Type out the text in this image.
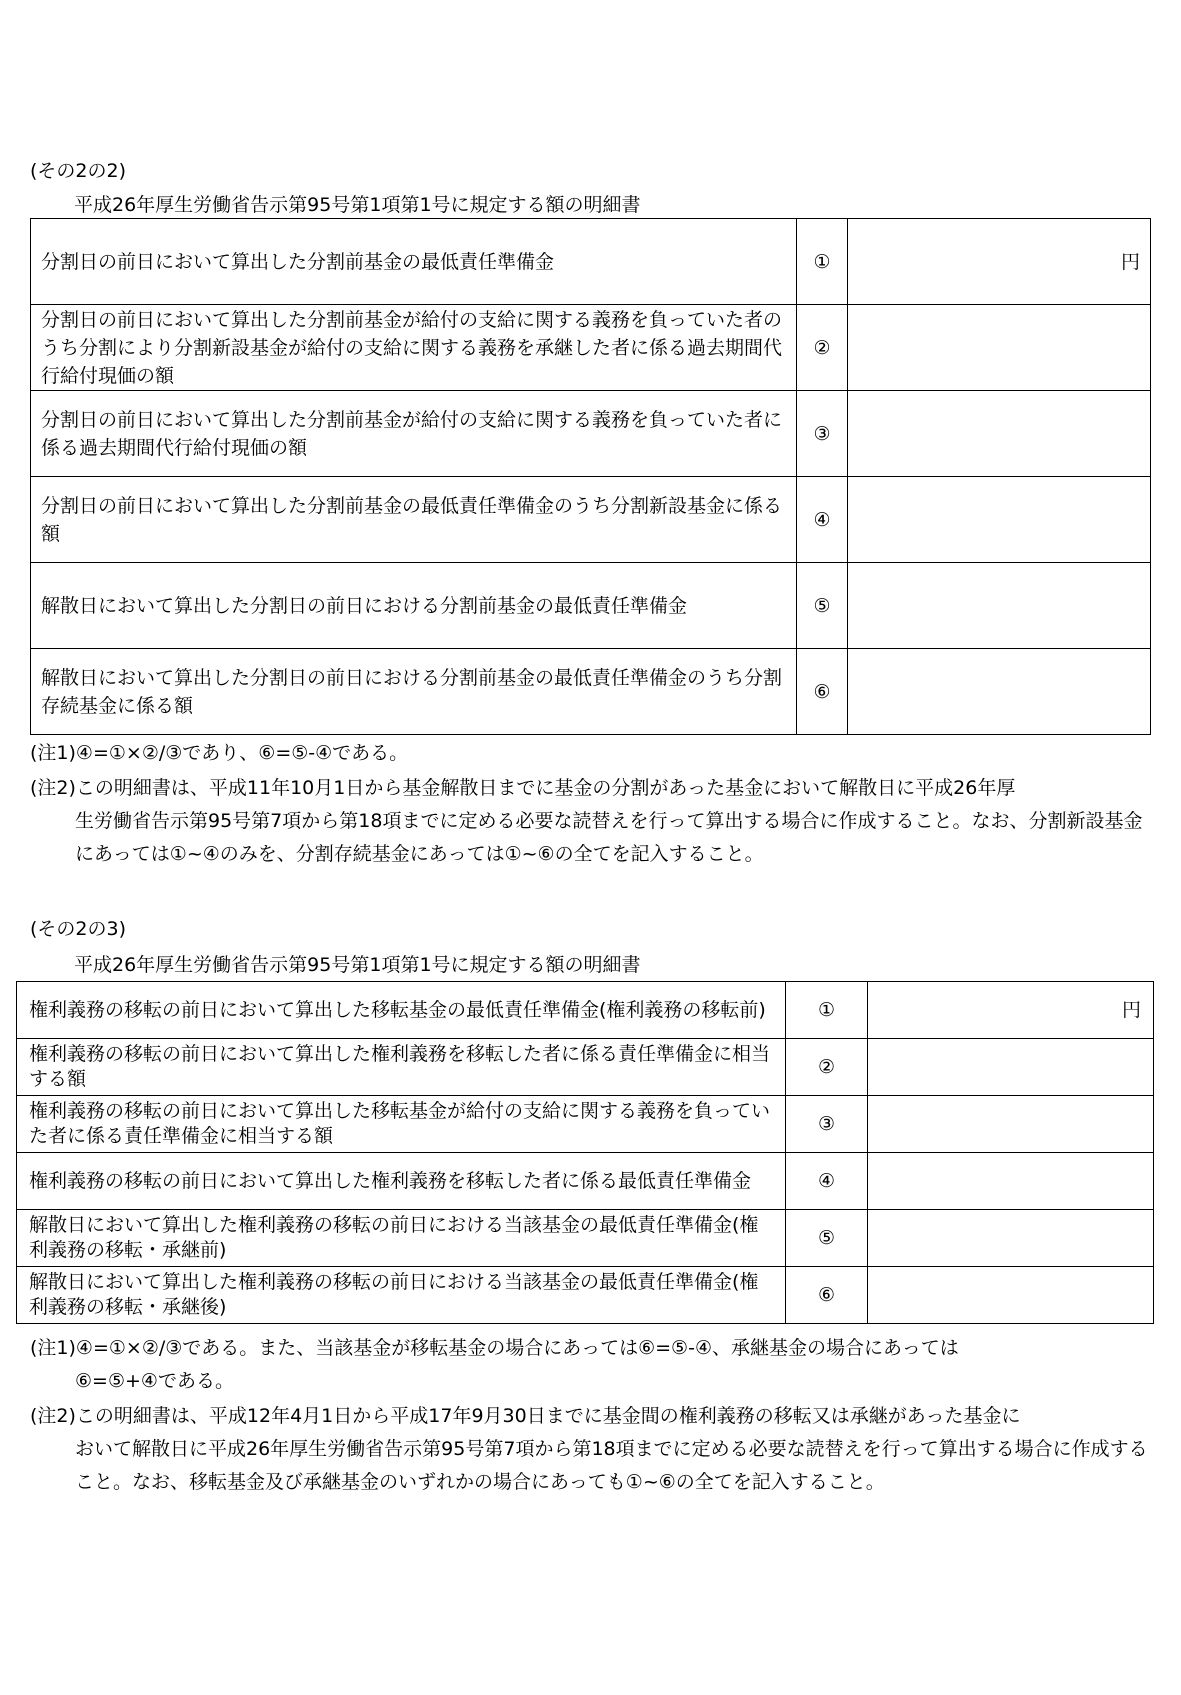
(その2の2)
平成26年厚生労働省告示第95号第1項第1号に規定する額の明細書
分割日の前日において算出した分割前基金の最低責任準備金	①	円
分割日の前日において算出した分割前基金が給付の支給に関する義務を負っていた者のうち分割により分割新設基金が給付の支給に関する義務を承継した者に係る過去期間代行給付現価の額	②	
分割日の前日において算出した分割前基金が給付の支給に関する義務を負っていた者に係る過去期間代行給付現価の額	③	
分割日の前日において算出した分割前基金の最低責任準備金のうち分割新設基金に係る額	④	
解散日において算出した分割日の前日における分割前基金の最低責任準備金	⑤	
解散日において算出した分割日の前日における分割前基金の最低責任準備金のうち分割存続基金に係る額	⑥	
(注1)④=①×②/③であり、⑥=⑤-④である。
(注2)この明細書は、平成11年10月1日から基金解散日までに基金の分割があった基金において解散日に平成26年厚
生労働省告示第95号第7項から第18項までに定める必要な読替えを行って算出する場合に作成すること。なお、分割新設基金にあっては①~④のみを、分割存続基金にあっては①~⑥の全てを記入すること。
(その2の3)
平成26年厚生労働省告示第95号第1項第1号に規定する額の明細書
権利義務の移転の前日において算出した移転基金の最低責任準備金(権利義務の移転前)	①	円
権利義務の移転の前日において算出した権利義務を移転した者に係る責任準備金に相当する額	②	
権利義務の移転の前日において算出した移転基金が給付の支給に関する義務を負っていた者に係る責任準備金に相当する額	③	
権利義務の移転の前日において算出した権利義務を移転した者に係る最低責任準備金	④	
解散日において算出した権利義務の移転の前日における当該基金の最低責任準備金(権利義務の移転・承継前)	⑤	
解散日において算出した権利義務の移転の前日における当該基金の最低責任準備金(権利義務の移転・承継後)	⑥	
(注1)④=①×②/③である。また、当該基金が移転基金の場合にあっては⑥=⑤-④、承継基金の場合にあっては
⑥=⑤+④である。
(注2)この明細書は、平成12年4月1日から平成17年9月30日までに基金間の権利義務の移転又は承継があった基金に
おいて解散日に平成26年厚生労働省告示第95号第7項から第18項までに定める必要な読替えを行って算出する場合に作成すること。なお、移転基金及び承継基金のいずれかの場合にあっても①~⑥の全てを記入すること。
